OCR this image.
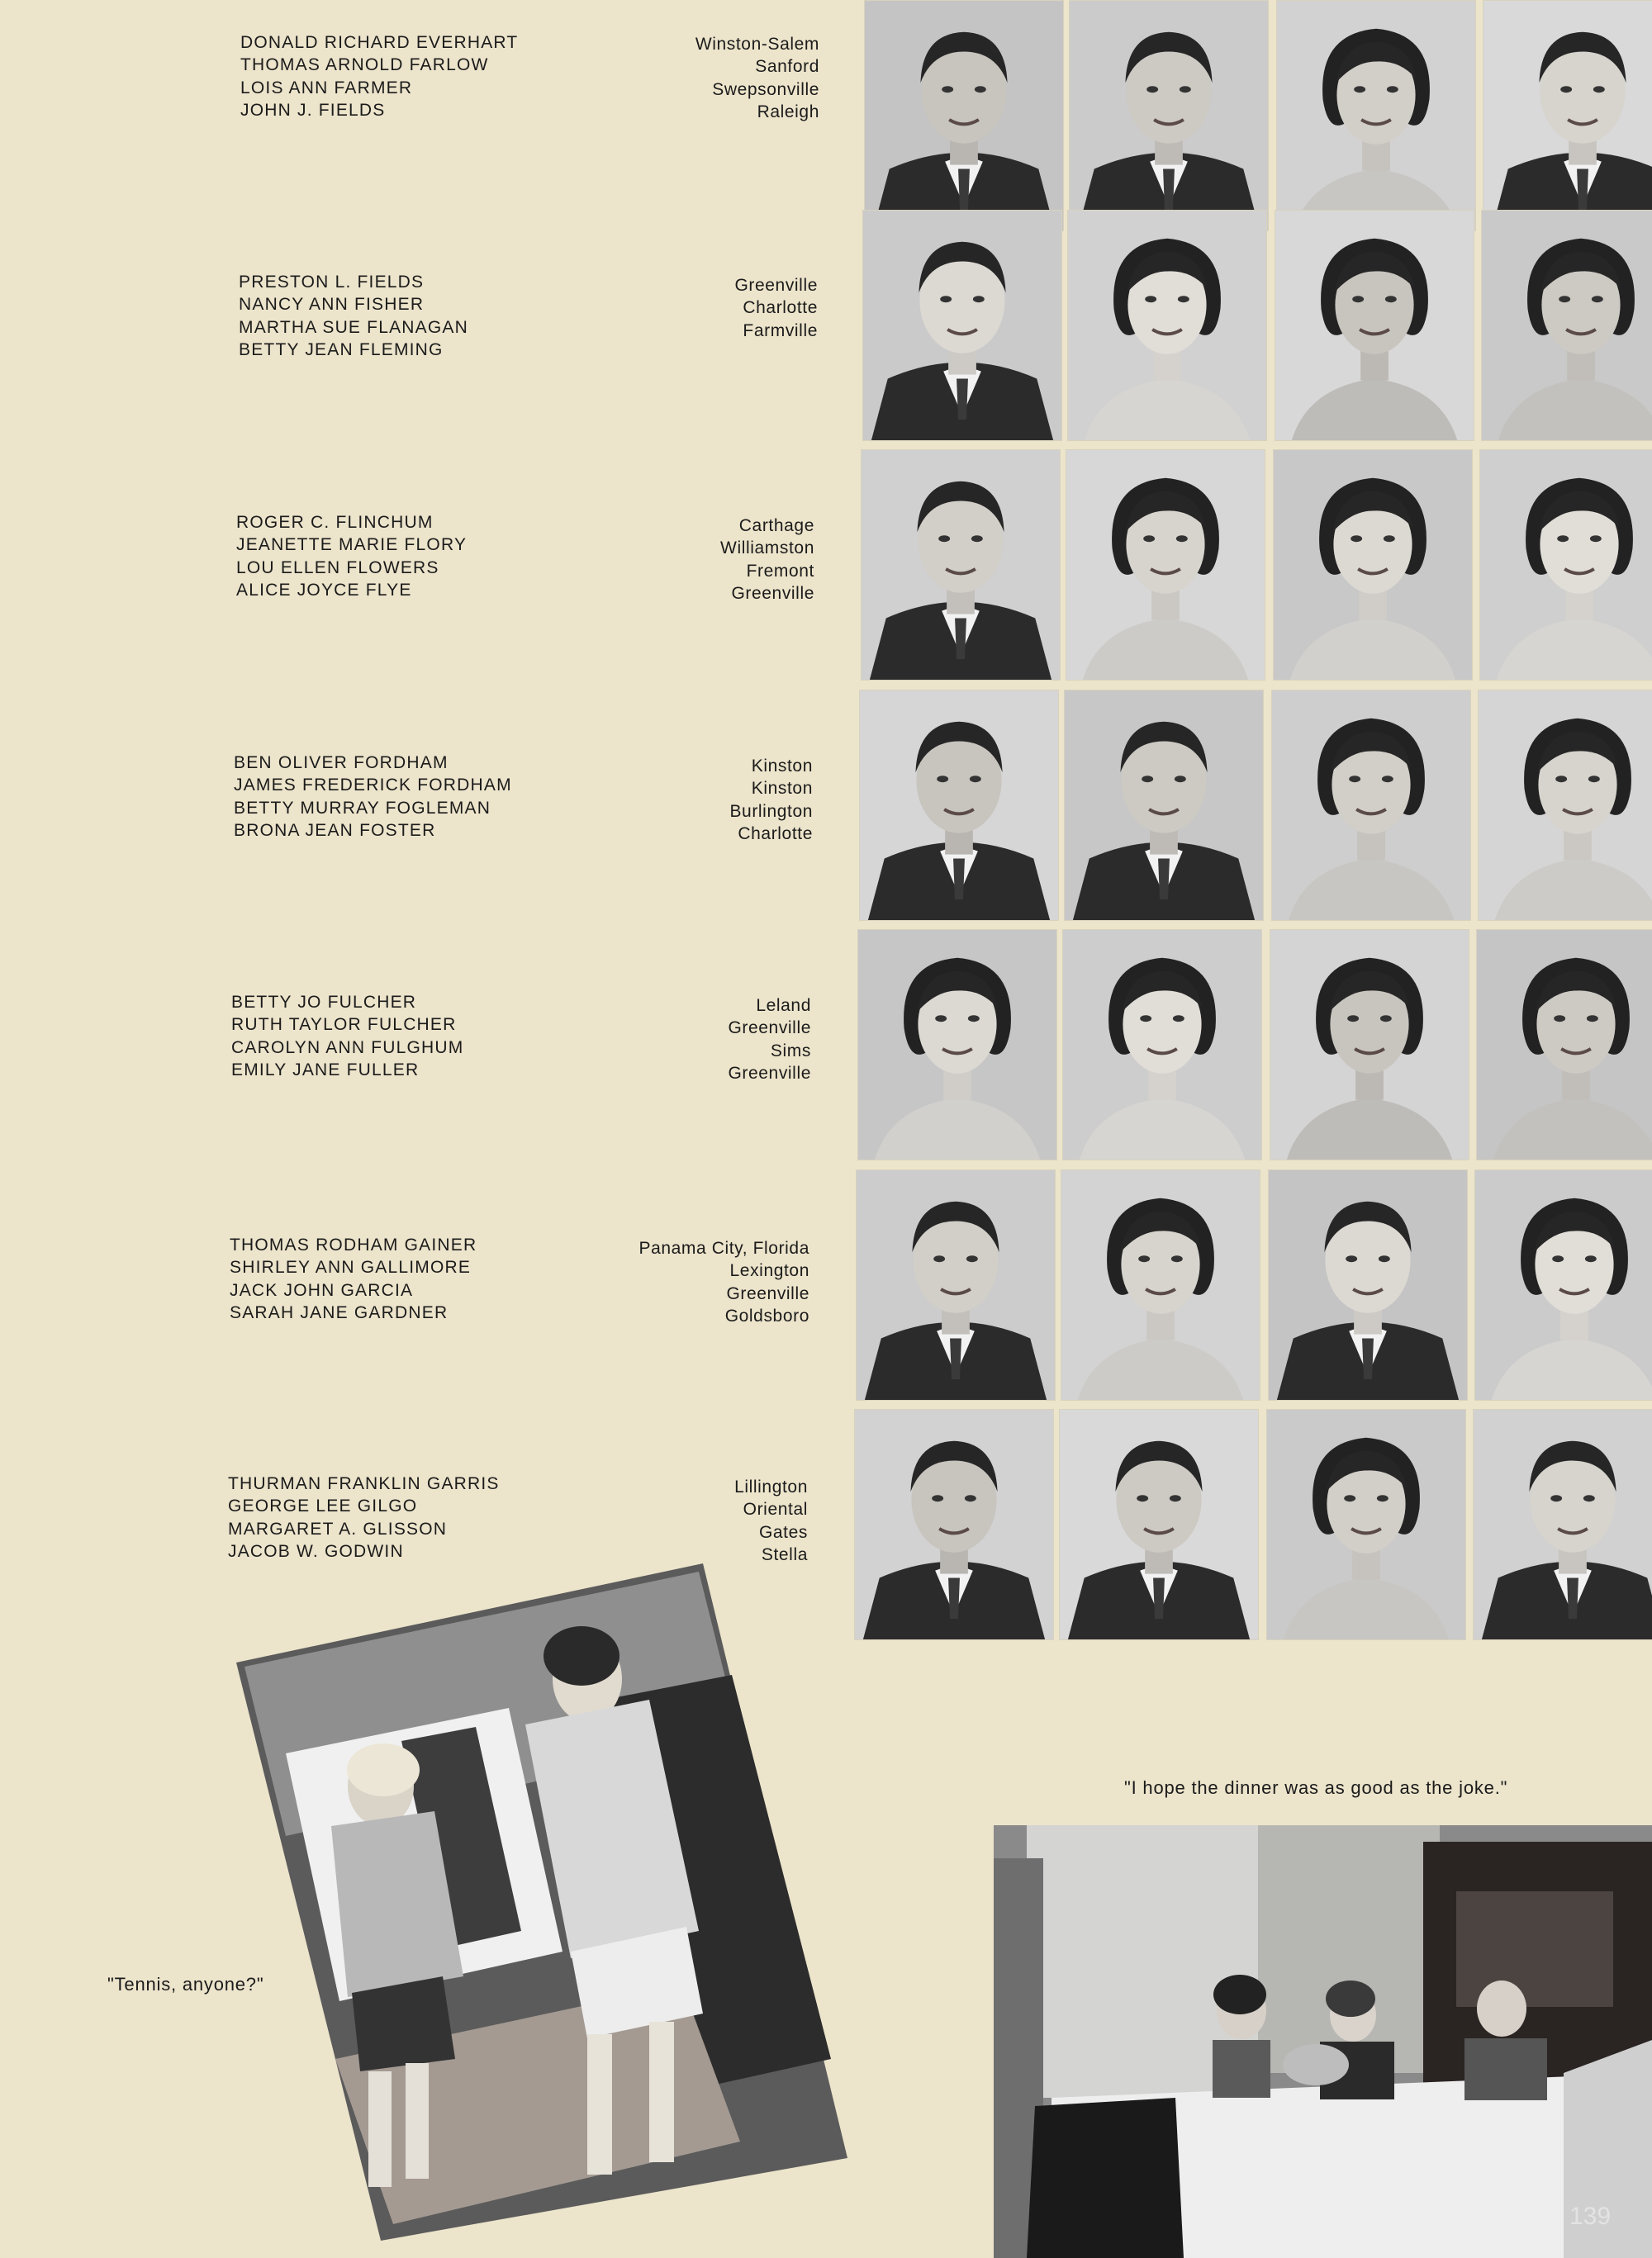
DONALD RICHARD EVERHART
THOMAS ARNOLD FARLOW
LOIS ANN FARMER
JOHN J. FIELDS
Winston-Salem
Sanford
Swepsonville
Raleigh
PRESTON L. FIELDS
NANCY ANN FISHER
MARTHA SUE FLANAGAN
BETTY JEAN FLEMING
Greenville
Charlotte
Farmville
ROGER C. FLINCHUM
JEANETTE MARIE FLORY
LOU ELLEN FLOWERS
ALICE JOYCE FLYE
Carthage
Williamston
Fremont
Greenville
BEN OLIVER FORDHAM
JAMES FREDERICK FORDHAM
BETTY MURRAY FOGLEMAN
BRONA JEAN FOSTER
Kinston
Kinston
Burlington
Charlotte
BETTY JO FULCHER
RUTH TAYLOR FULCHER
CAROLYN ANN FULGHUM
EMILY JANE FULLER
Leland
Greenville
Sims
Greenville
THOMAS RODHAM GAINER
SHIRLEY ANN GALLIMORE
JACK JOHN GARCIA
SARAH JANE GARDNER
Panama City, Florida
Lexington
Greenville
Goldsboro
THURMAN FRANKLIN GARRIS
GEORGE LEE GILGO
MARGARET A. GLISSON
JACOB W. GODWIN
Lillington
Oriental
Gates
Stella
"Tennis, anyone?"
"I hope the dinner was as good as the joke."
139
